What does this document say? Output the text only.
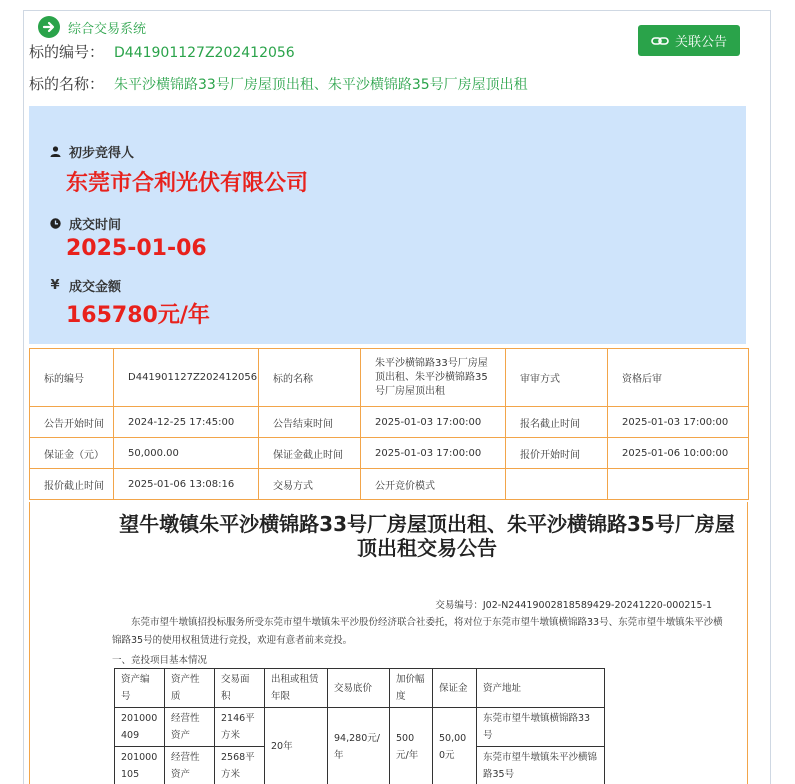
综合交易系统
标的编号： D441901127Z202412056
标的名称： 朱平沙横锦路33号厂房屋顶出租、朱平沙横锦路35号厂房屋顶出租
关联公告
初步竞得人
东莞市合利光伏有限公司
成交时间
2025-01-06
¥ 成交金额
165780元/年
标的编号	D441901127Z202412056	标的名称	朱平沙横锦路33号厂房屋顶出租、朱平沙横锦路35号厂房屋顶出租	审审方式	资格后审
公告开始时间	2024-12-25 17:45:00	公告结束时间	2025-01-03 17:00:00	报名截止时间	2025-01-03 17:00:00
保证金（元）	50,000.00	保证金截止时间	2025-01-03 17:00:00	报价开始时间	2025-01-06 10:00:00
报价截止时间	2025-01-06 13:08:16	交易方式	公开竞价模式		
望牛墩镇朱平沙横锦路33号厂房屋顶出租、朱平沙横锦路35号厂房屋顶出租交易公告
交易编号：J02-N24419002818589429-20241220-000215-1
东莞市望牛墩镇招投标服务所受东莞市望牛墩镇朱平沙股份经济联合社委托，将对位于东莞市望牛墩镇横锦路33号、东莞市望牛墩镇朱平沙横锦路35号的使用权租赁进行竞投，欢迎有意者前来竞投。
一、竞投项目基本情况
资产编号	资产性质	交易面积	出租或租赁年限	交易底价	加价幅度	保证金	资产地址
201000409	经营性资产	2146平方米	20年	94,280元/年	500元/年	50,000元	东莞市望牛墩镇横锦路33号
201000105	经营性资产	2568平方米					东莞市望牛墩镇朱平沙横锦路35号
